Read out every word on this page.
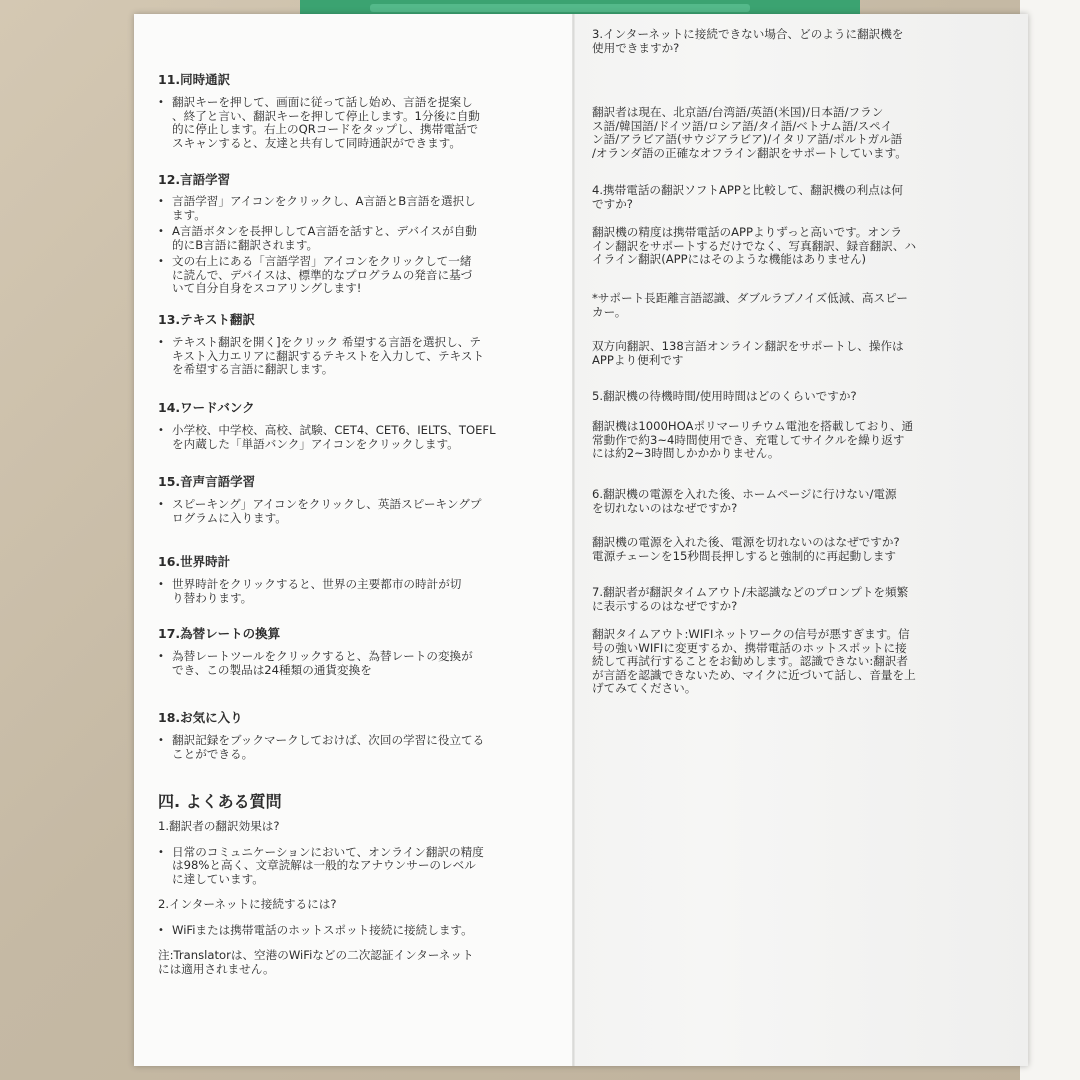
11.同時通訳
• 翻訳キーを押して、画面に従って話し始め、言語を提案し
、終了と言い、翻訳キーを押して停止します。1分後に自動
的に停止します。右上のQRコードをタップし、携帯電話で
スキャンすると、友達と共有して同時通訳ができます。
12.言語学習
• 言語学習」アイコンをクリックし、A言語とB言語を選択し
ます。
• A言語ボタンを長押ししてA言語を話すと、デバイスが自動
的にB言語に翻訳されます。
• 文の右上にある「言語学習」アイコンをクリックして一緒
に読んで、デバイスは、標準的なプログラムの発音に基づ
いて自分自身をスコアリングします!
13.テキスト翻訳
• テキスト翻訳を開く]をクリック 希望する言語を選択し、テ
キスト入力エリアに翻訳するテキストを入力して、テキスト
を希望する言語に翻訳します。
14.ワードバンク
• 小学校、中学校、高校、試験、CET4、CET6、IELTS、TOEFL
を内蔵した「単語バンク」アイコンをクリックします。
15.音声言語学習
• スピーキング」アイコンをクリックし、英語スピーキングプ
ログラムに入ります。
16.世界時計
• 世界時計をクリックすると、世界の主要都市の時計が切
り替わります。
17.為替レートの換算
• 為替レートツールをクリックすると、為替レートの変換が
でき、この製品は24種類の通貨変換を
18.お気に入り
• 翻訳記録をブックマークしておけば、次回の学習に役立てる
ことができる。
四. よくある質問
1.翻訳者の翻訳効果は?
• 日常のコミュニケーションにおいて、オンライン翻訳の精度
は98%と高く、文章読解は一般的なアナウンサーのレベル
に達しています。
2.インターネットに接続するには?
• WiFiまたは携帯電話のホットスポット接続に接続します。
注:Translatorは、空港のWiFiなどの二次認証インターネット
には適用されません。
3.インターネットに接続できない場合、どのように翻訳機を
使用できますか?
翻訳者は現在、北京語/台湾語/英語(米国)/日本語/フラン
ス語/韓国語/ドイツ語/ロシア語/タイ語/ベトナム語/スペイ
ン語/アラビア語(サウジアラビア)/イタリア語/ポルトガル語
/オランダ語の正確なオフライン翻訳をサポートしています。
4.携帯電話の翻訳ソフトAPPと比較して、翻訳機の利点は何
ですか?
翻訳機の精度は携帯電話のAPPよりずっと高いです。オンラ
イン翻訳をサポートするだけでなく、写真翻訳、録音翻訳、ハ
イライン翻訳(APPにはそのような機能はありません)
*サポート長距離言語認識、ダブルラブノイズ低減、高スピー
カー。
双方向翻訳、138言語オンライン翻訳をサポートし、操作は
APPより便利です
5.翻訳機の待機時間/使用時間はどのくらいですか?
翻訳機は1000HOAポリマーリチウム電池を搭載しており、通
常動作で約3~4時間使用でき、充電してサイクルを繰り返す
には約2~3時間しかかかりません。
6.翻訳機の電源を入れた後、ホームページに行けない/電源
を切れないのはなぜですか?
翻訳機の電源を入れた後、電源を切れないのはなぜですか?
電源チェーンを15秒間長押しすると強制的に再起動します
7.翻訳者が翻訳タイムアウト/未認識などのプロンプトを頻繁
に表示するのはなぜですか?
翻訳タイムアウト:WIFIネットワークの信号が悪すぎます。信
号の強いWIFIに変更するか、携帯電話のホットスポットに接
続して再試行することをお勧めします。認識できない:翻訳者
が言語を認識できないため、マイクに近づいて話し、音量を上
げてみてください。
